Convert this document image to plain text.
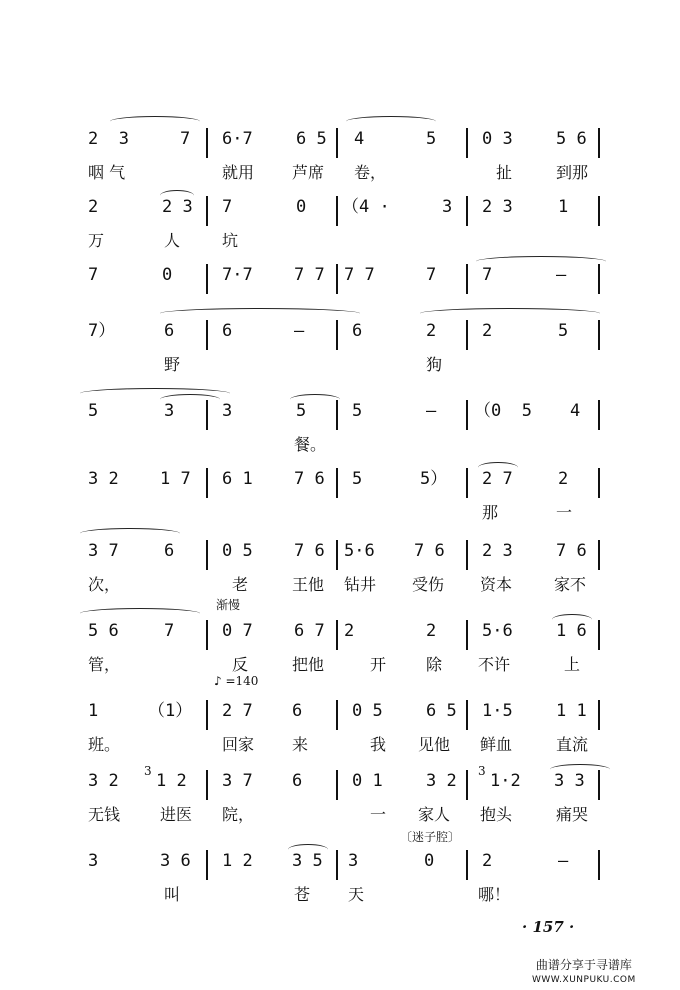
2  3	7 6·7	6 5 4	5	0 3	5 6
咽 气	就用 芦席 卷，	扯	到那
2	2 3 7	0 （4 ·	3 2 3	1
万	人	坑
7	0	7·7 7 7 7 7	7	7	—
7）	6	6	—	6	2	2	5
野	狗
5	3	3	5	5	— （0  5 4
餐。
3 2 1 7 6 1 7 6 5	5） 2 7	2
那	一
3 7	6	0 5 7 6 5·6 7 6 2 3	7 6
次，	老	王他 钻井 受伤 资本	家不
渐慢
5 6	7	0 7 6 7 2	2	5·6	1 6
管，	反	把他	开 除 不许	上
♪ =140
1	（1） 2 7 6	0 5	6 5 1·5	1 1
班。	回家 来	我 见他 鲜血	直流
3 2 3 1 2 3 7 6	0 1	3 2 3 1·2 3 3
无钱 进医 院，	一 家人 抱头	痛哭
〔迷子腔〕
3	3 6 1 2 3 5 3	0	2	—
叫	苍 天	哪！
· 157 ·
曲谱分享于寻谱库
WWW.XUNPUKU.COM
